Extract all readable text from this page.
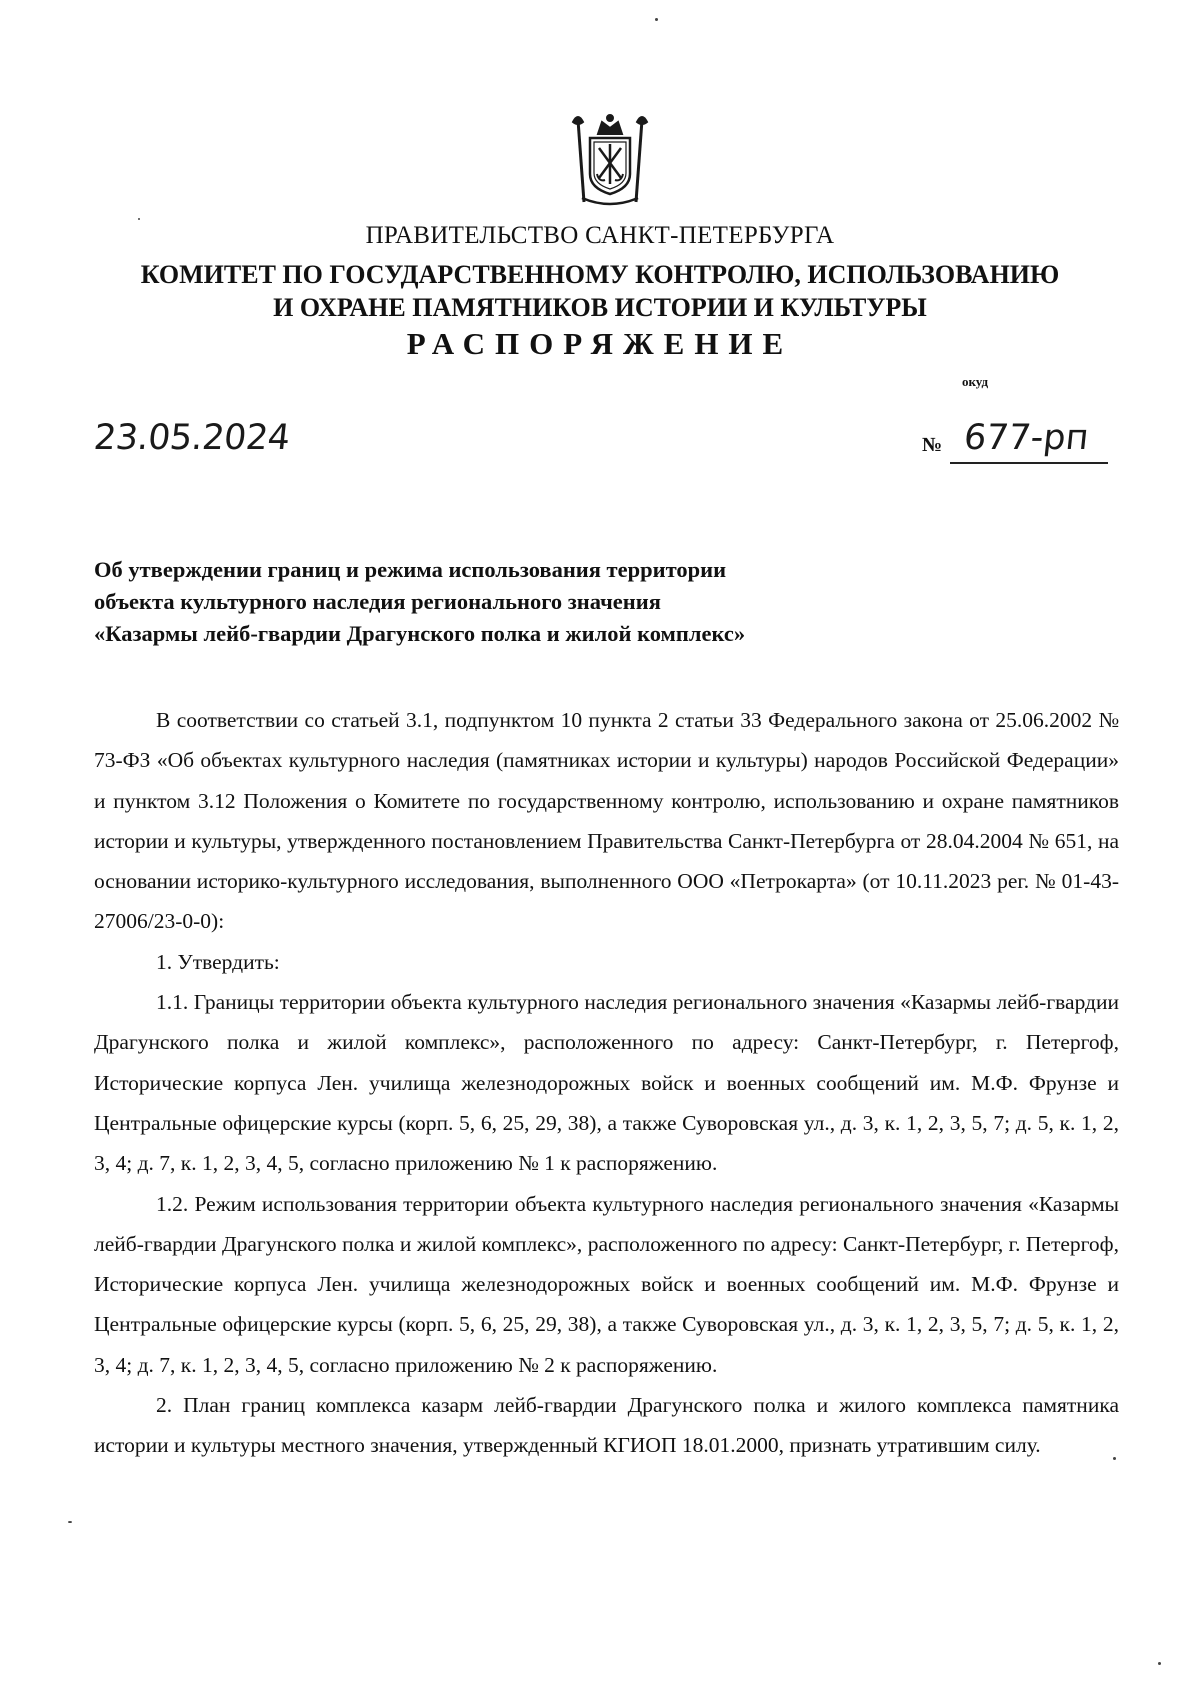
ПРАВИТЕЛЬСТВО САНКТ-ПЕТЕРБУРГА
КОМИТЕТ ПО ГОСУДАРСТВЕННОМУ КОНТРОЛЮ, ИСПОЛЬЗОВАНИЮ
И ОХРАНЕ ПАМЯТНИКОВ ИСТОРИИ И КУЛЬТУРЫ
РАСПОРЯЖЕНИЕ
окуд
23.05.2024	№ 677-рп
Об утверждении границ и режима использования территории
объекта культурного наследия регионального значения
«Казармы лейб-гвардии Драгунского полка и жилой комплекс»

В соответствии со статьей 3.1, подпунктом 10 пункта 2 статьи 33 Федерального закона от 25.06.2002 № 73-ФЗ «Об объектах культурного наследия (памятниках истории и культуры) народов Российской Федерации» и пунктом 3.12 Положения о Комитете по государственному контролю, использованию и охране памятников истории и культуры, утвержденного постановлением Правительства Санкт-Петербурга от 28.04.2004 № 651, на основании историко-культурного исследования, выполненного ООО «Петрокарта» (от 10.11.2023 рег. № 01-43-27006/23-0-0):

1. Утвердить:

1.1. Границы территории объекта культурного наследия регионального значения «Казармы лейб-гвардии Драгунского полка и жилой комплекс», расположенного по адресу: Санкт-Петербург, г. Петергоф, Исторические корпуса Лен. училища железнодорожных войск и военных сообщений им. М.Ф. Фрунзе и Центральные офицерские курсы (корп. 5, 6, 25, 29, 38), а также Суворовская ул., д. 3, к. 1, 2, 3, 5, 7; д. 5, к. 1, 2, 3, 4; д. 7, к. 1, 2, 3, 4, 5, согласно приложению № 1 к распоряжению.

1.2. Режим использования территории объекта культурного наследия регионального значения «Казармы лейб-гвардии Драгунского полка и жилой комплекс», расположенного по адресу: Санкт-Петербург, г. Петергоф, Исторические корпуса Лен. училища железнодорожных войск и военных сообщений им. М.Ф. Фрунзе и Центральные офицерские курсы (корп. 5, 6, 25, 29, 38), а также Суворовская ул., д. 3, к. 1, 2, 3, 5, 7; д. 5, к. 1, 2, 3, 4; д. 7, к. 1, 2, 3, 4, 5, согласно приложению № 2 к распоряжению.

2. План границ комплекса казарм лейб-гвардии Драгунского полка и жилого комплекса памятника истории и культуры местного значения, утвержденный КГИОП 18.01.2000, признать утратившим силу.
